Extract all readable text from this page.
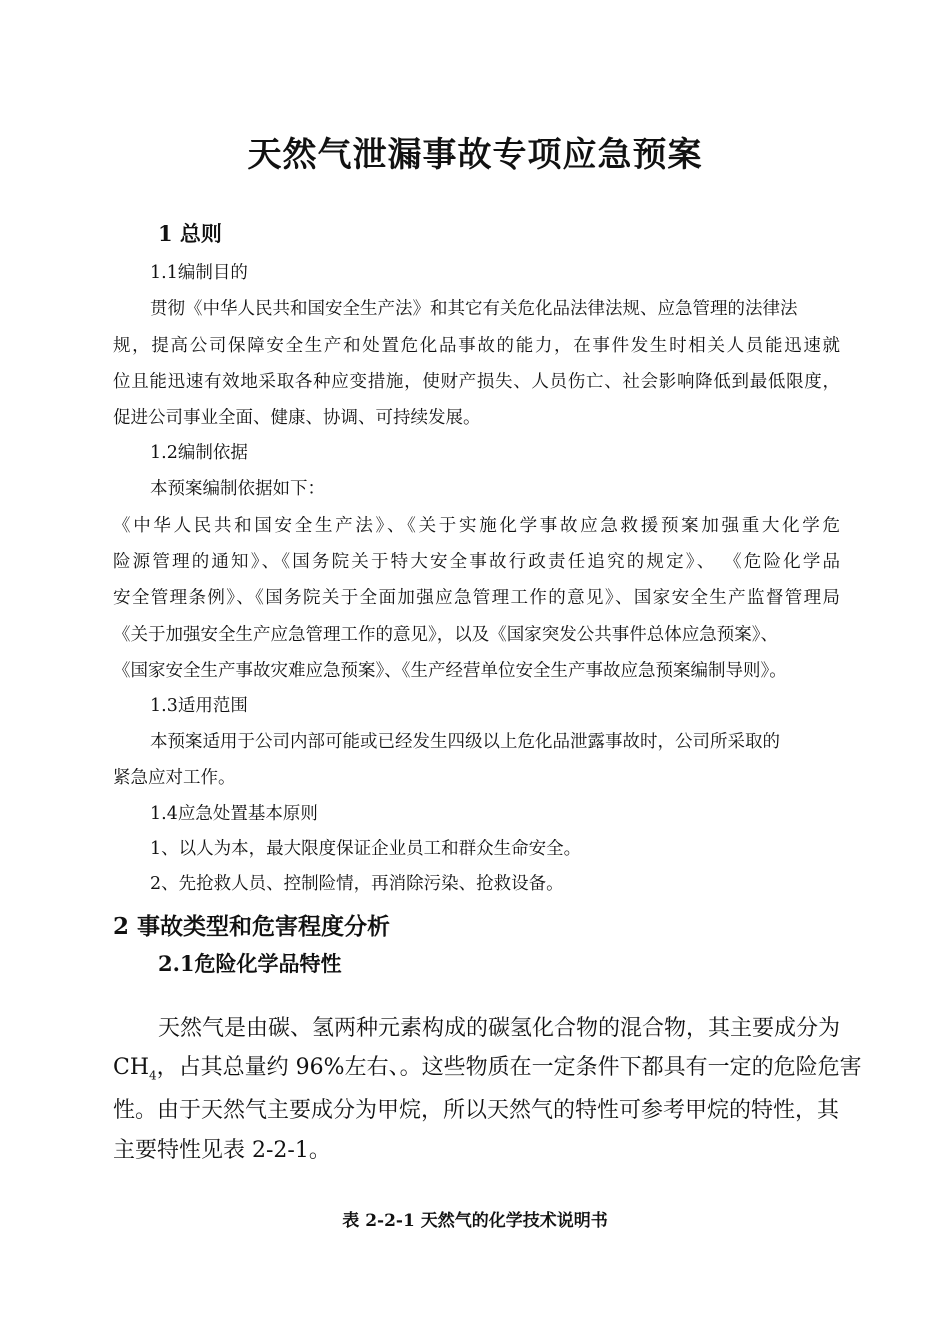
天然气泄漏事故专项应急预案
1 总则

1.1编制目的

贯彻《中华人民共和国安全生产法》和其它有关危化品法律法规、应急管理的法律法

规，提高公司保障安全生产和处置危化品事故的能力，在事件发生时相关人员能迅速就

位且能迅速有效地采取各种应变措施，使财产损失、人员伤亡、社会影响降低到最低限度，

促进公司事业全面、健康、协调、可持续发展。

1.2编制依据

本预案编制依据如下：

《中华人民共和国安全生产法》、《关于实施化学事故应急救援预案加强重大化学危

险源管理的通知》、《国务院关于特大安全事故行政责任追究的规定》、 《危险化学品

安全管理条例》、《国务院关于全面加强应急管理工作的意见》、国家安全生产监督管理局

《关于加强安全生产应急管理工作的意见》，以及《国家突发公共事件总体应急预案》、

《国家安全生产事故灾难应急预案》、《生产经营单位安全生产事故应急预案编制导则》。

1.3适用范围

本预案适用于公司内部可能或已经发生四级以上危化品泄露事故时，公司所采取的

紧急应对工作。

1.4应急处置基本原则

1、以人为本，最大限度保证企业员工和群众生命安全。

2、先抢救人员、控制险情，再消除污染、抢救设备。

2 事故类型和危害程度分析
2.1危险化学品特性

天然气是由碳、氢两种元素构成的碳氢化合物的混合物，其主要成分为

$CH_4$，占其总量约 96%左右、。这些物质在一定条件下都具有一定的危险危害

性。由于天然气主要成分为甲烷，所以天然气的特性可参考甲烷的特性，其

主要特性见表 2-2-1。

表 2-2-1 天然气的化学技术说明书
